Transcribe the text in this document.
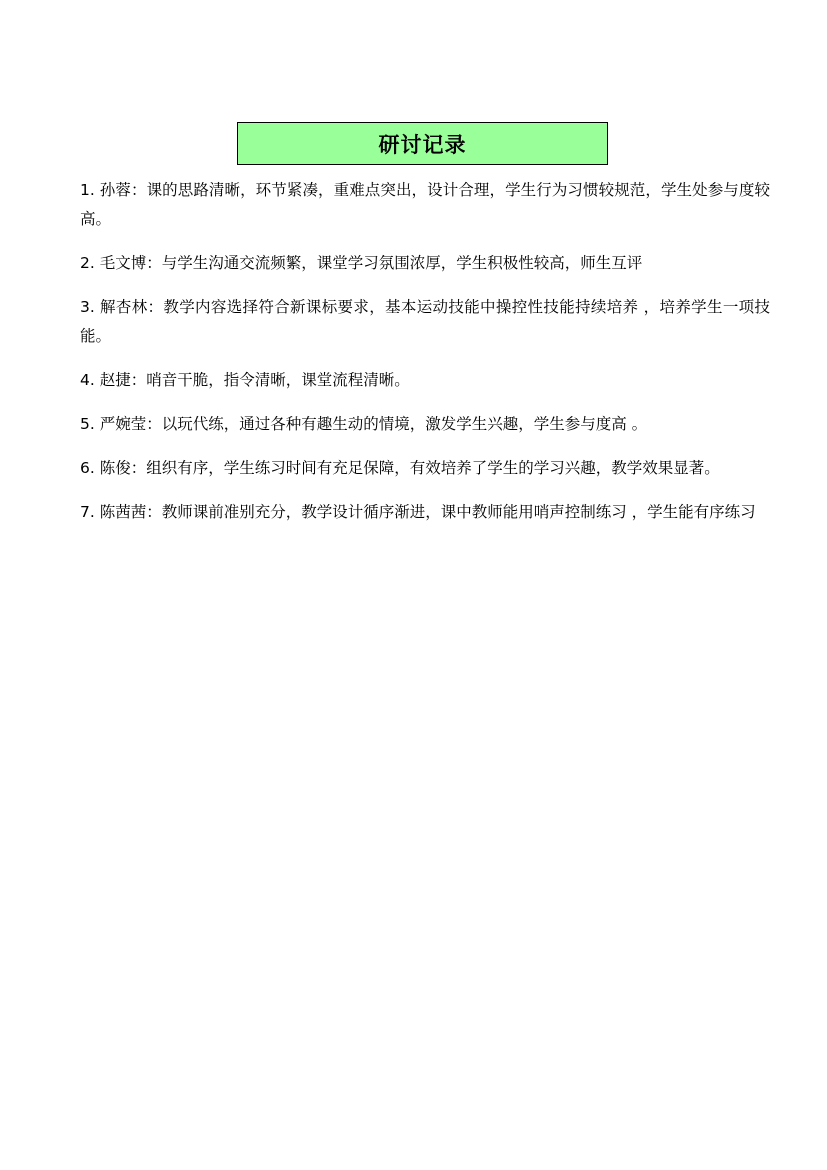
研讨记录

1. 孙蓉：课的思路清晰，环节紧凑，重难点突出，设计合理，学生行为习惯较规范，学生处参与度较高。

2. 毛文博：与学生沟通交流频繁，课堂学习氛围浓厚，学生积极性较高，师生互评

3. 解杏林：教学内容选择符合新课标要求，基本运动技能中操控性技能持续培养 ，培养学生一项技能。

4. 赵捷：哨音干脆，指令清晰，课堂流程清晰。

5. 严婉莹：以玩代练，通过各种有趣生动的情境，激发学生兴趣，学生参与度高 。

6. 陈俊：组织有序，学生练习时间有充足保障，有效培养了学生的学习兴趣，教学效果显著。

7. 陈茜茜：教师课前准别充分，教学设计循序渐进，课中教师能用哨声控制练习 ，学生能有序练习
